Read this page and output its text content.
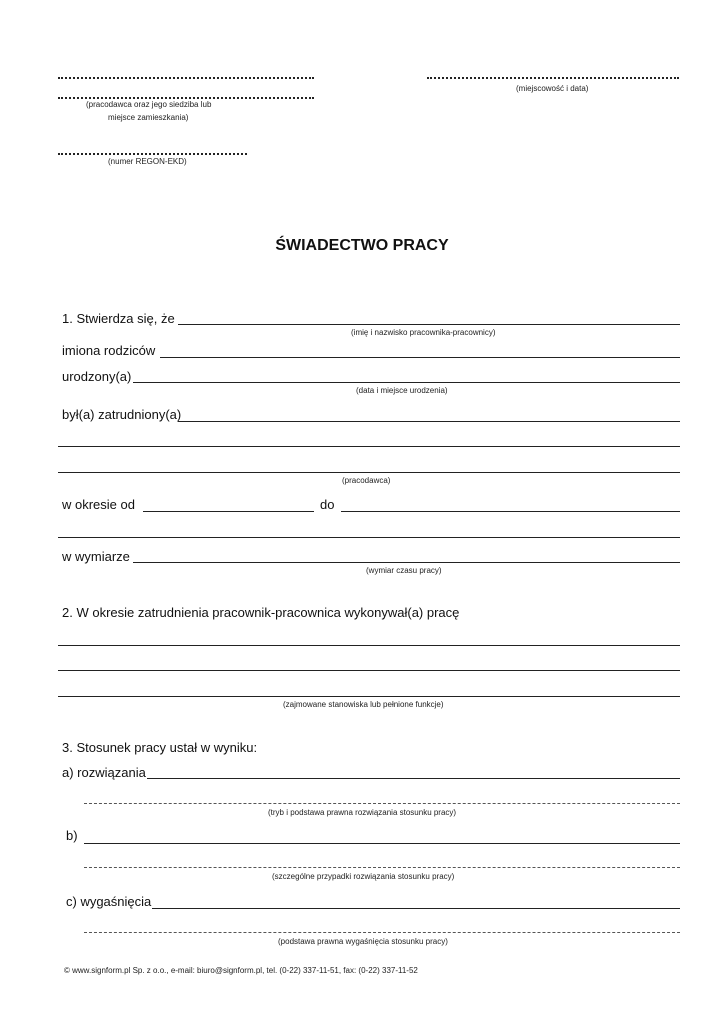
(pracodawca oraz jego siedziba lub
miejsce zamieszkania)
(miejscowość i data)
(numer REGON-EKD)
ŚWIADECTWO PRACY
1. Stwierdza się, że
(imię i nazwisko pracownika-pracownicy)
imiona rodziców
urodzony(a)
(data i miejsce urodzenia)
był(a) zatrudniony(a)
(pracodawca)
w okresie od	do
w wymiarze
(wymiar czasu pracy)
2. W okresie zatrudnienia pracownik-pracownica wykonywał(a) pracę
(zajmowane stanowiska lub pełnione funkcje)
3. Stosunek pracy ustał w wyniku:
a) rozwiązania
(tryb i podstawa prawna rozwiązania stosunku pracy)
b)
(szczególne przypadki rozwiązania stosunku pracy)
c) wygaśnięcia
(podstawa prawna wygaśnięcia stosunku pracy)
© www.signform.pl Sp. z o.o., e-mail: biuro@signform.pl, tel. (0-22) 337-11-51, fax: (0-22) 337-11-52
